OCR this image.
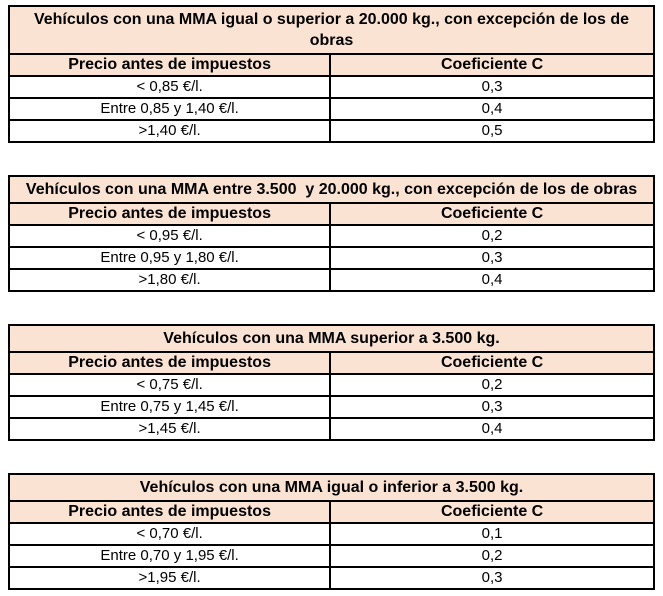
Vehículos con una MMA igual o superior a 20.000 kg., con excepción de los de obras	
Precio antes de impuestos	Coeficiente C
< 0,85 €/l.	0,3
Entre 0,85 y 1,40 €/l.	0,4
>1,40 €/l.	0,5
Vehículos con una MMA entre 3.500  y 20.000 kg., con excepción de los de obras	
Precio antes de impuestos	Coeficiente C
< 0,95 €/l.	0,2
Entre 0,95 y 1,80 €/l.	0,3
>1,80 €/l.	0,4
Vehículos con una MMA superior a 3.500 kg.	
Precio antes de impuestos	Coeficiente C
< 0,75 €/l.	0,2
Entre 0,75 y 1,45 €/l.	0,3
>1,45 €/l.	0,4
Vehículos con una MMA igual o inferior a 3.500 kg.	
Precio antes de impuestos	Coeficiente C
< 0,70 €/l.	0,1
Entre 0,70 y 1,95 €/l.	0,2
>1,95 €/l.	0,3
